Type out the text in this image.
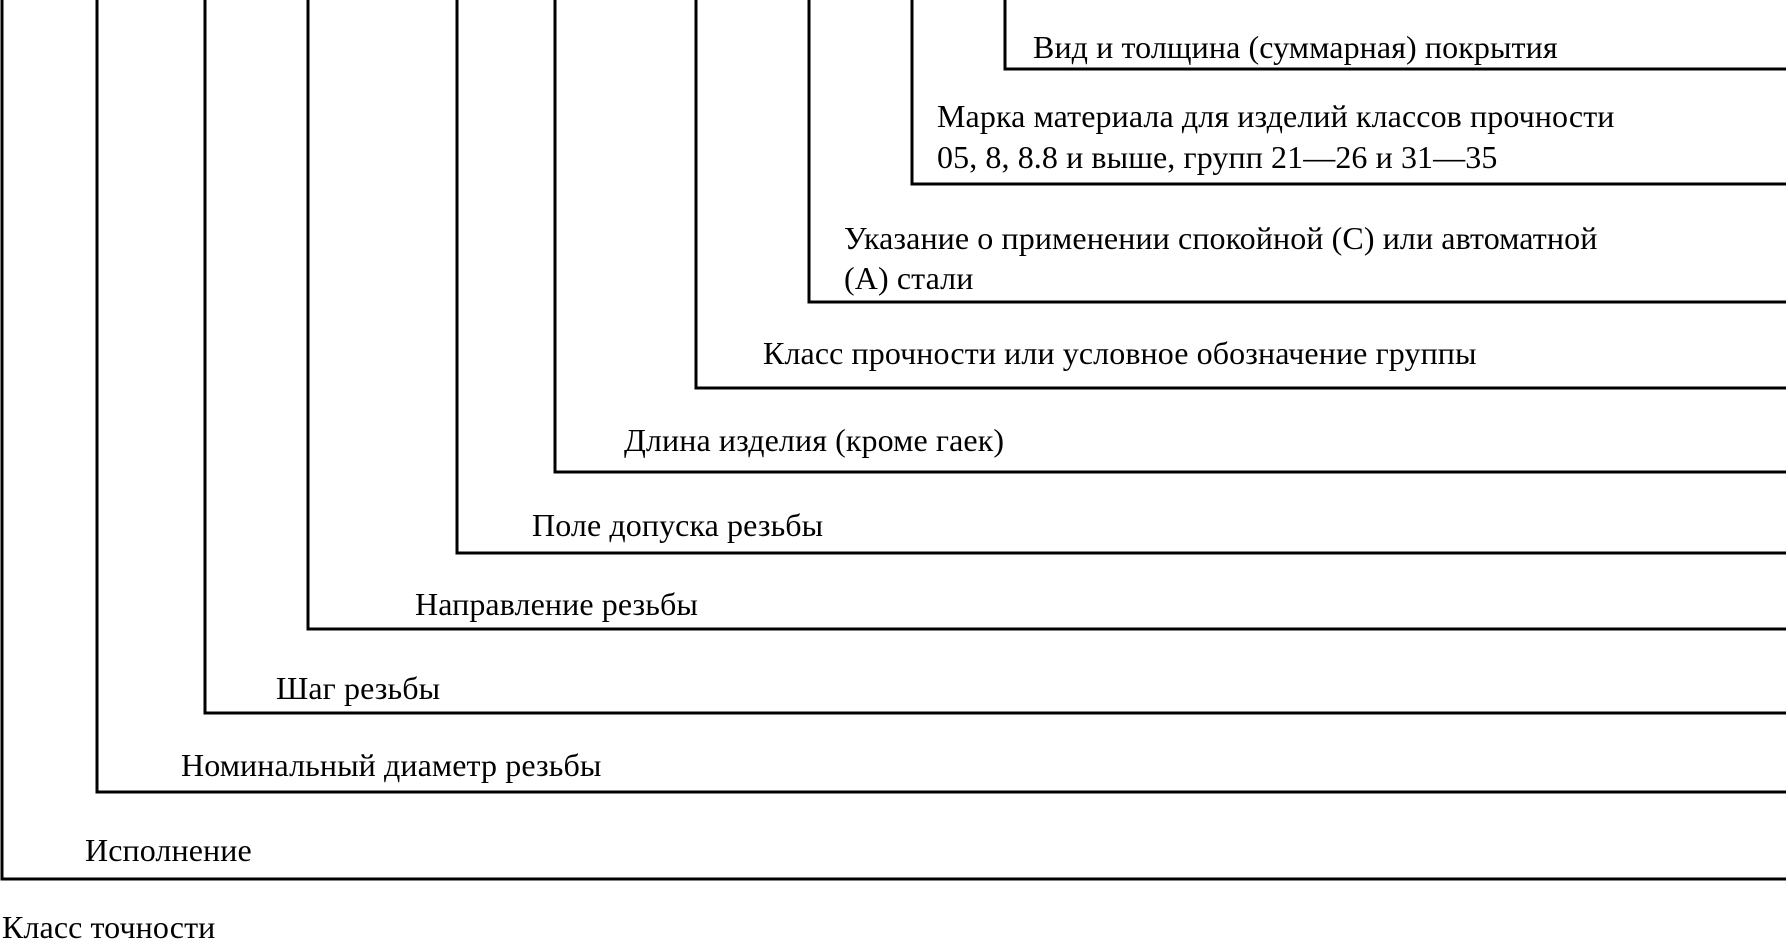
Класс точности
Исполнение
Номинальный диаметр резьбы
Шаг резьбы
Направление резьбы
Поле допуска резьбы
Длина изделия (кроме гаек)
Класс прочности или условное обозначение группы
Указание о применении спокойной (С) или автоматной
(А) стали
Марка материала для изделий классов прочности
05, 8, 8.8 и выше, групп 21—26 и 31—35
Вид и толщина (суммарная) покрытия
